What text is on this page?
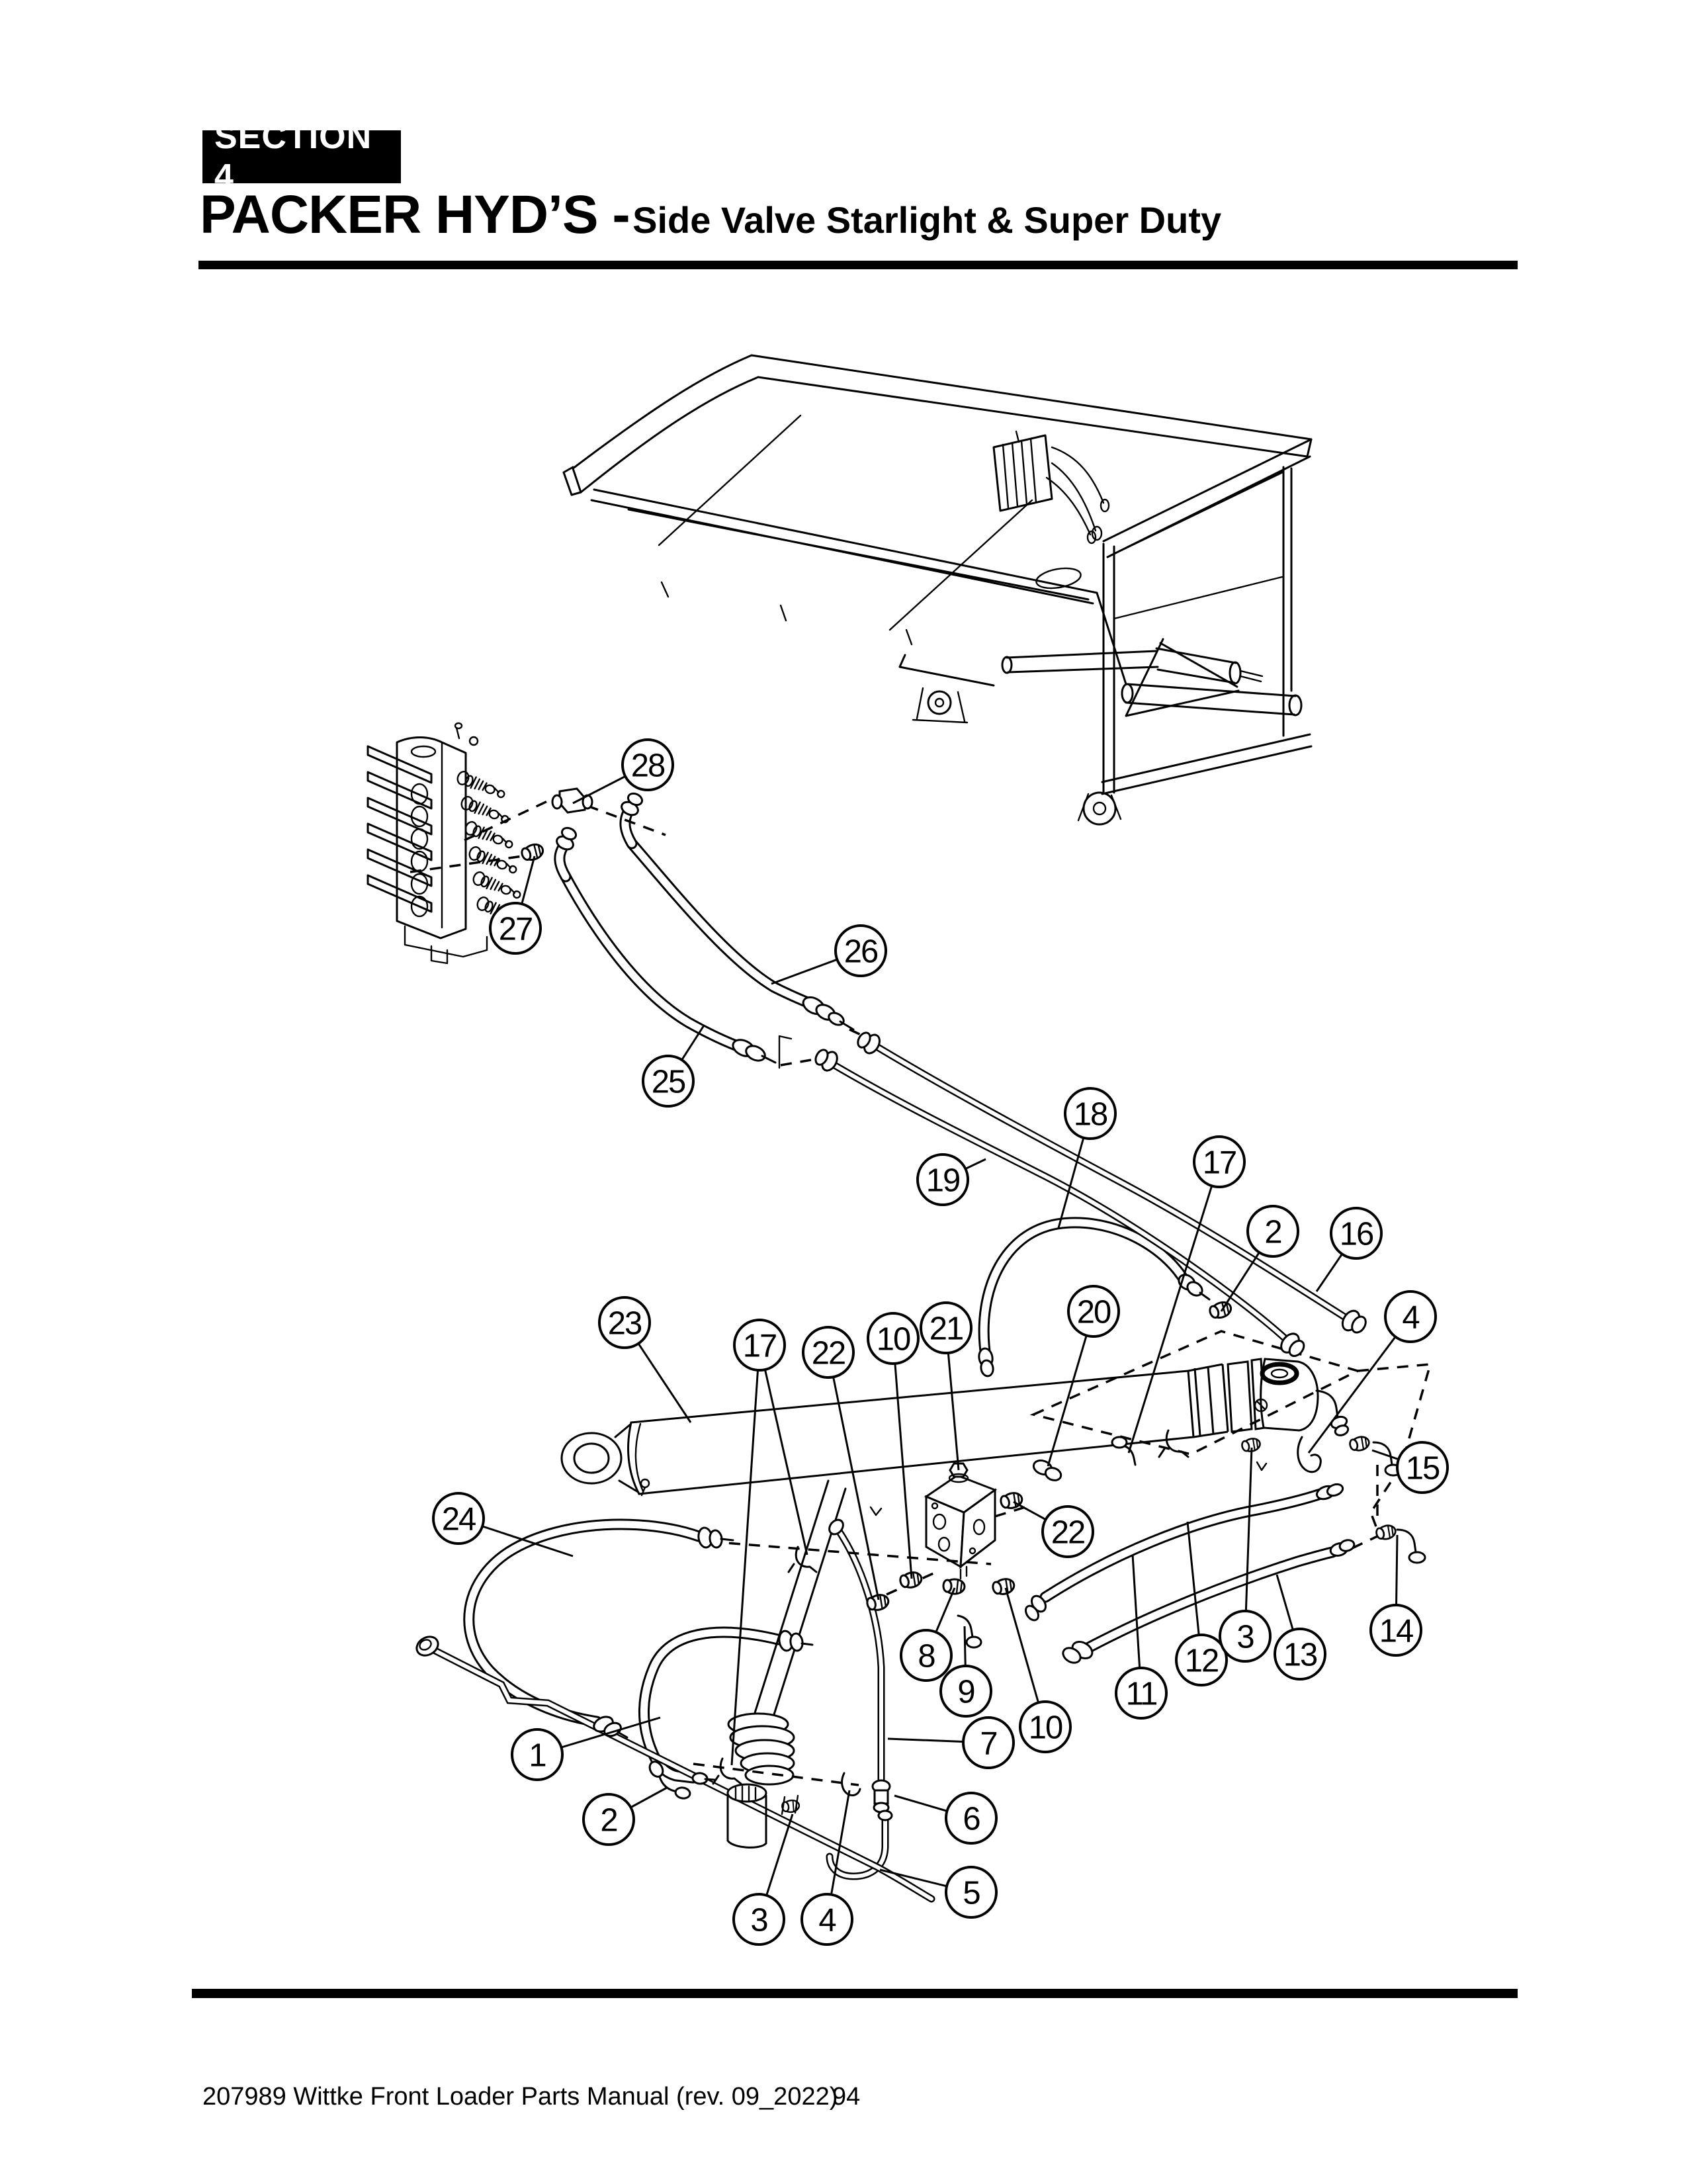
SECTION 4
PACKER HYD’S - Side Valve Starlight & Super Duty
1
2
3 4
5
6
7
8
9
10
11
12
3 13
14
15
16
17
2
4
18
19
20
21
22 10
17
22
23
24
25
26
27
28
207989 Wittke Front Loader Parts Manual (rev. 09_2022)
94
